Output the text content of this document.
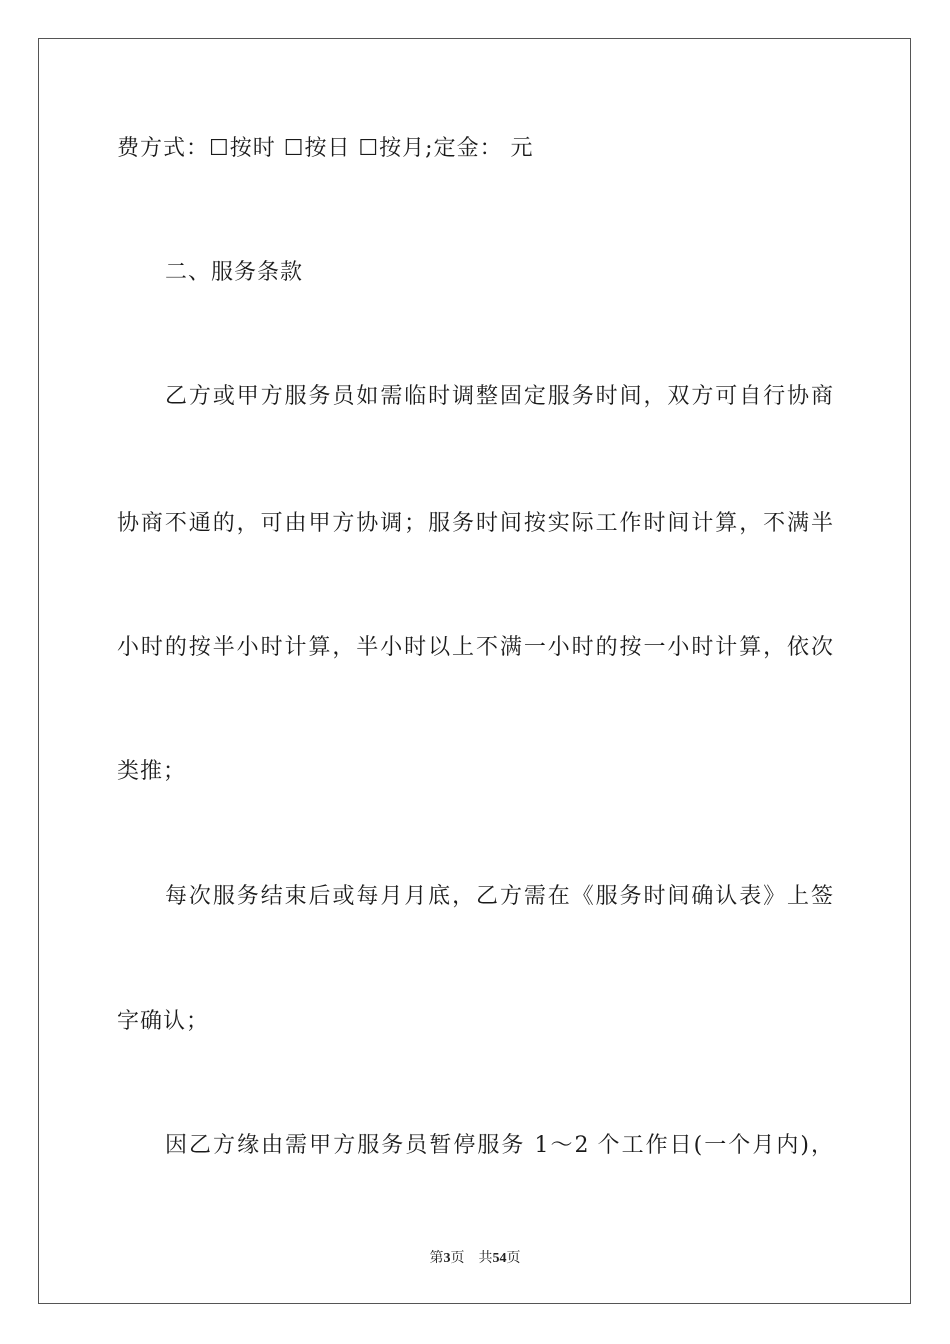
费方式：☐按时 ☐按日 ☐按月;定金： 元
二、服务条款
乙方或甲方服务员如需临时调整固定服务时间，双方可自行协商
协商不通的，可由甲方协调；服务时间按实际工作时间计算，不满半
小时的按半小时计算，半小时以上不满一小时的按一小时计算，依次
类推；
每次服务结束后或每月月底，乙方需在《服务时间确认表》上签
字确认；
因乙方缘由需甲方服务员暂停服务 1～2 个工作日(一个月内)，
第3页 共54页
